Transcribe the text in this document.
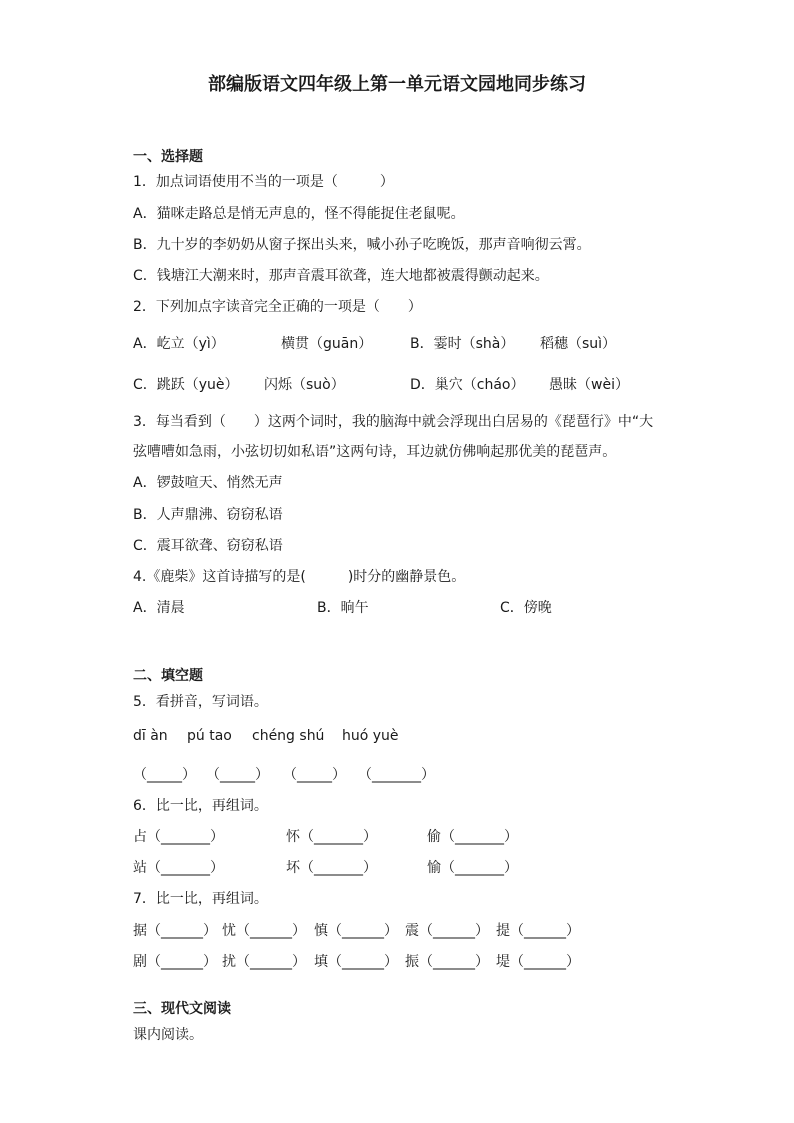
部编版语文四年级上第一单元语文园地同步练习
一、选择题
1．加点词语使用不当的一项是（　　　）
A．猫咪走路总是悄无声息的，怪不得能捉住老鼠呢。
B．九十岁的李奶奶从窗子探出头来，喊小孙子吃晚饭，那声音响彻云霄。
C．钱塘江大潮来时，那声音震耳欲聋，连大地都被震得颤动起来。
2．下列加点字读音完全正确的一项是（　　）
A．屹立（yì）	横贯（guān）	B．霎时（shà） 稻穗（suì）
C．跳跃（yuè） 闪烁（suò）	D．巢穴（cháo） 愚昧（wèi）
3．每当看到（　　）这两个词时，我的脑海中就会浮现出白居易的《琵琶行》中“大
弦嘈嘈如急雨，小弦切切如私语”这两句诗，耳边就仿佛响起那优美的琵琶声。
A．锣鼓喧天、悄然无声
B．人声鼎沸、窃窃私语
C．震耳欲聋、窃窃私语
4.《鹿柴》这首诗描写的是(　　　)时分的幽静景色。
A．清晨	B．晌午	C．傍晚
二、填空题
5．看拼音，写词语。
dī àn pú tao chéng shú huó yuè
（_____） （_____） （_____） （_______）
6．比一比，再组词。
占（_______）	怀（_______）	偷（_______）
站（_______）	坏（_______）	愉（_______）
7．比一比，再组词。
据（______） 忧（______） 慎（______） 震（______） 提（______）
剧（______） 扰（______） 填（______） 振（______） 堤（______）
三、现代文阅读
课内阅读。
